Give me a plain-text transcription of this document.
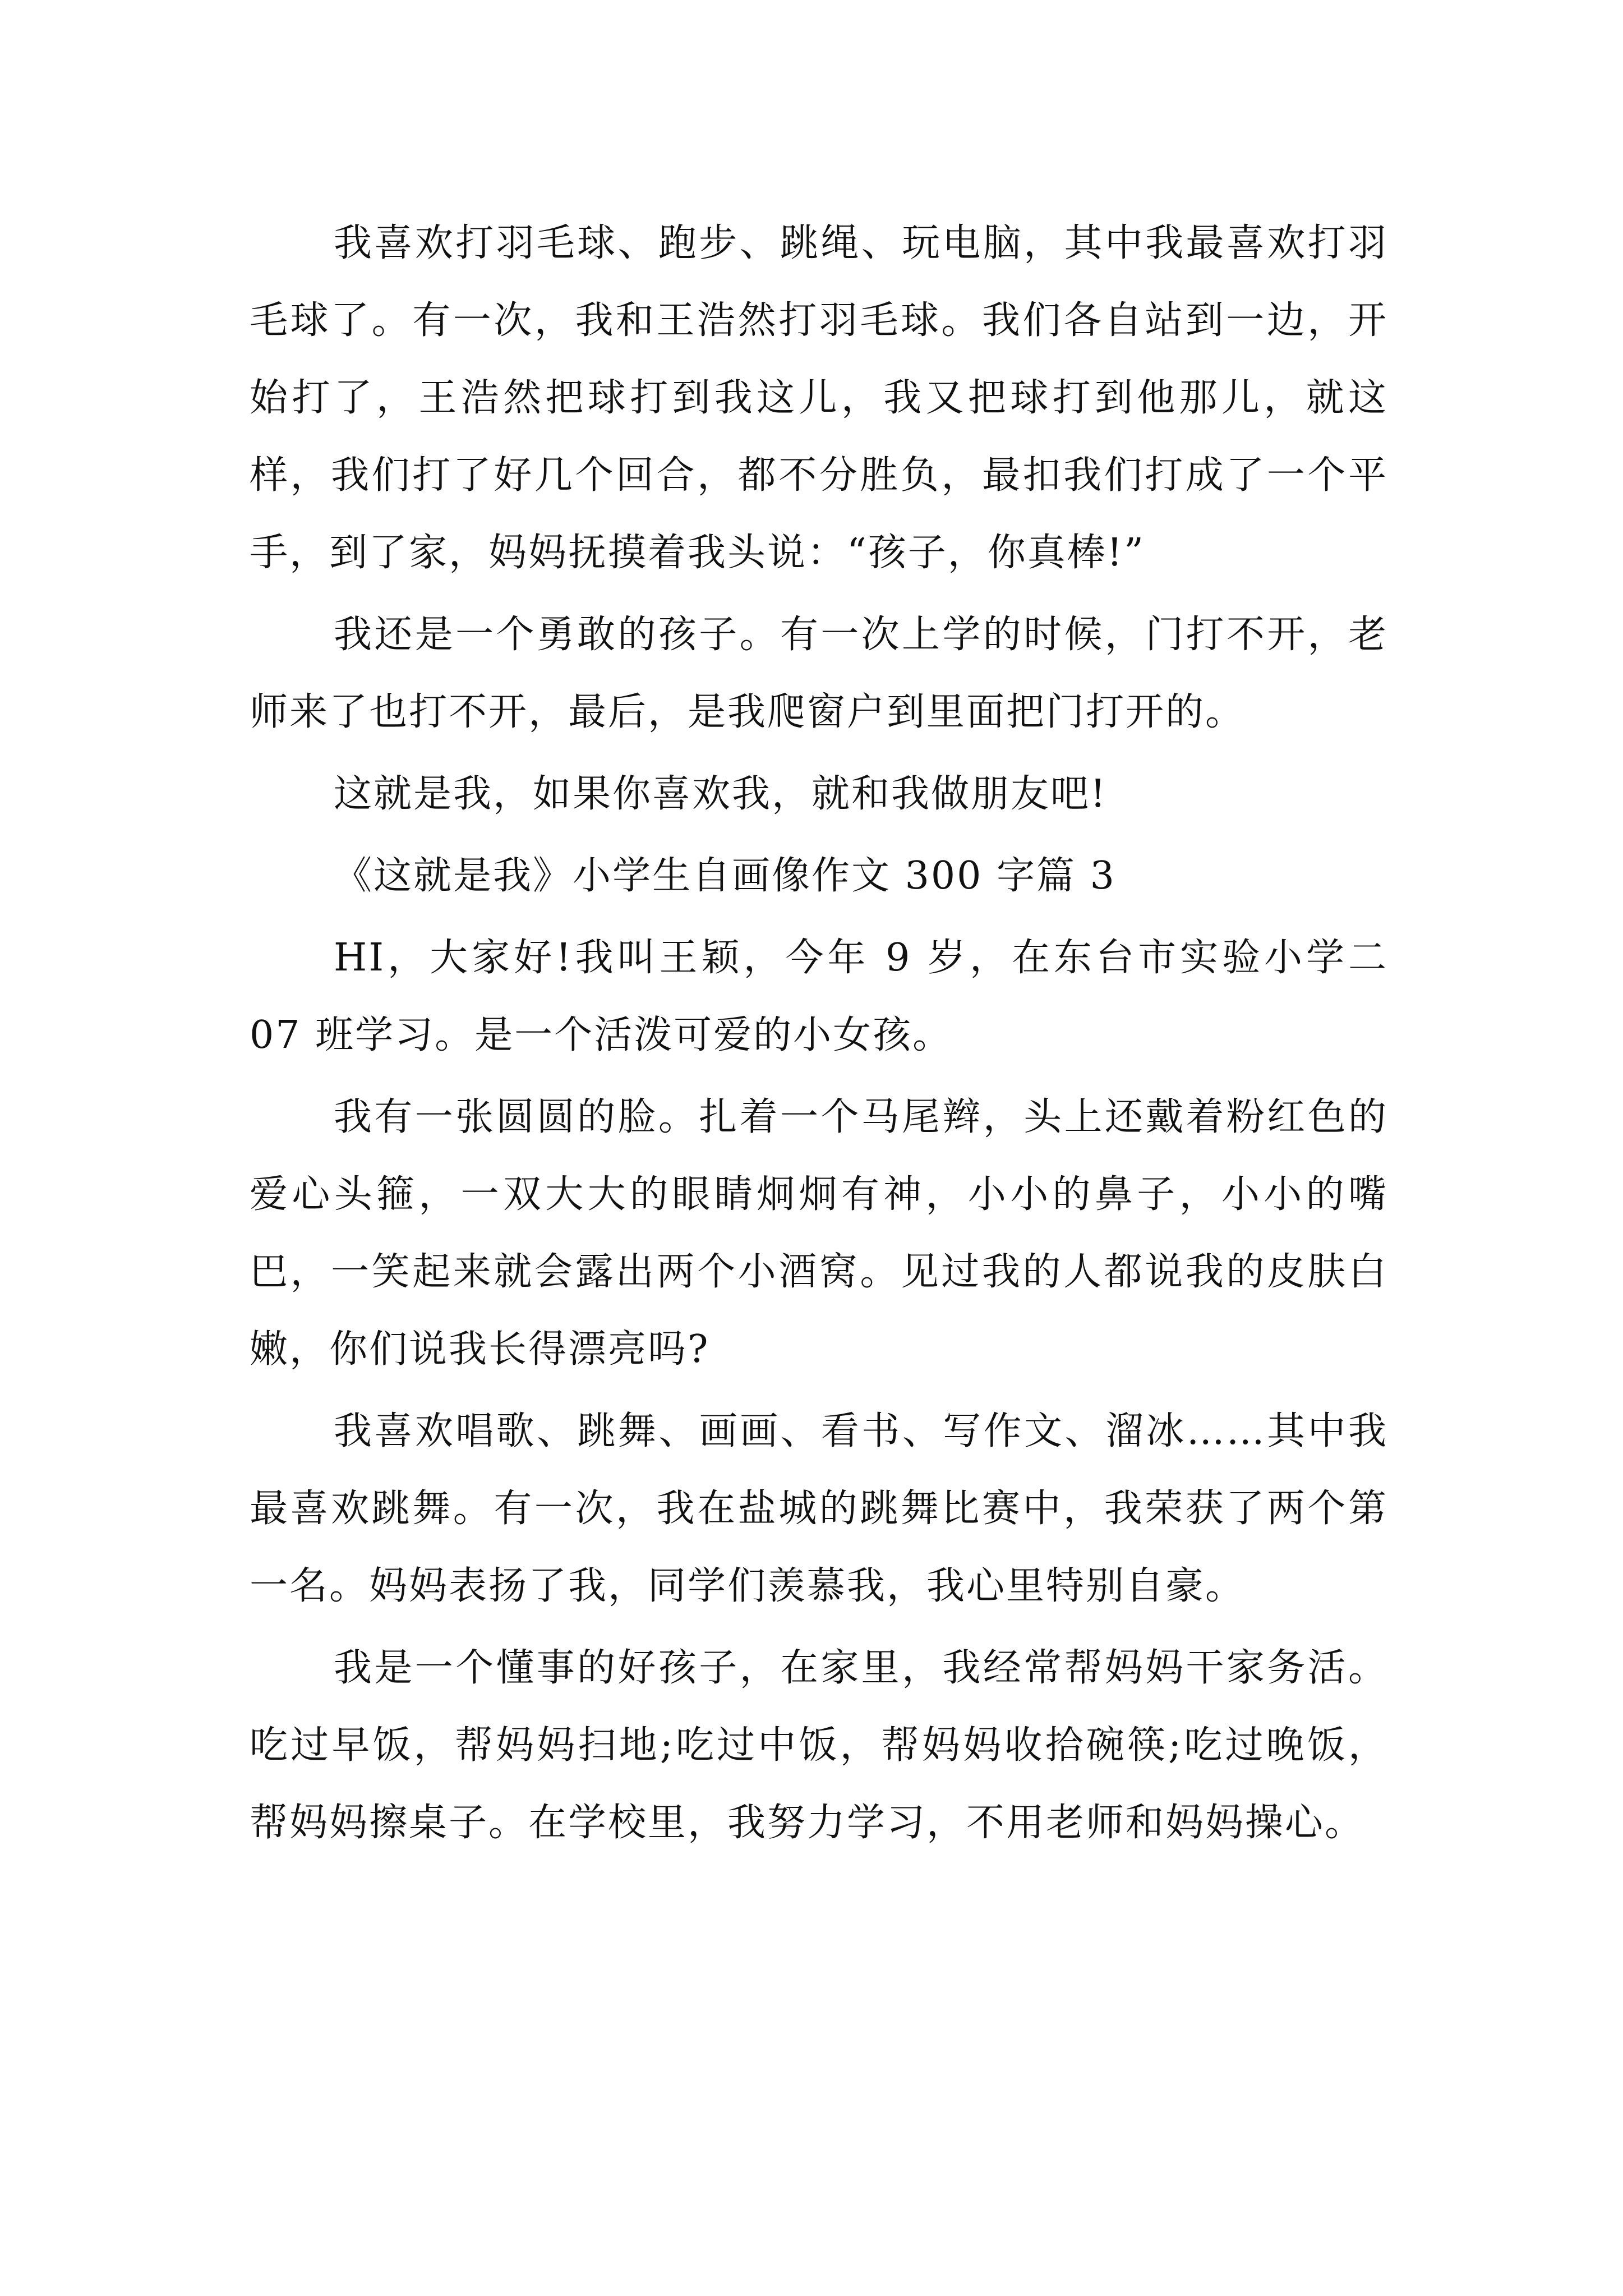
我喜欢打羽毛球、跑步、跳绳、玩电脑，其中我最喜欢打羽毛球了。有一次，我和王浩然打羽毛球。我们各自站到一边，开始打了，王浩然把球打到我这儿，我又把球打到他那儿，就这样，我们打了好几个回合，都不分胜负，最扣我们打成了一个平手，到了家，妈妈抚摸着我头说：“孩子，你真棒!”

我还是一个勇敢的孩子。有一次上学的时候，门打不开，老师来了也打不开，最后，是我爬窗户到里面把门打开的。

这就是我，如果你喜欢我，就和我做朋友吧!

《这就是我》小学生自画像作文 300 字篇 3

HI，大家好!我叫王颖，今年 9 岁，在东台市实验小学二 07 班学习。是一个活泼可爱的小女孩。

我有一张圆圆的脸。扎着一个马尾辫，头上还戴着粉红色的爱心头箍，一双大大的眼睛炯炯有神，小小的鼻子，小小的嘴巴，一笑起来就会露出两个小酒窝。见过我的人都说我的皮肤白嫩，你们说我长得漂亮吗?

我喜欢唱歌、跳舞、画画、看书、写作文、溜冰……其中我最喜欢跳舞。有一次，我在盐城的跳舞比赛中，我荣获了两个第一名。妈妈表扬了我，同学们羡慕我，我心里特别自豪。

我是一个懂事的好孩子，在家里，我经常帮妈妈干家务活。吃过早饭，帮妈妈扫地;吃过中饭，帮妈妈收拾碗筷;吃过晚饭，帮妈妈擦桌子。在学校里，我努力学习，不用老师和妈妈操心。
